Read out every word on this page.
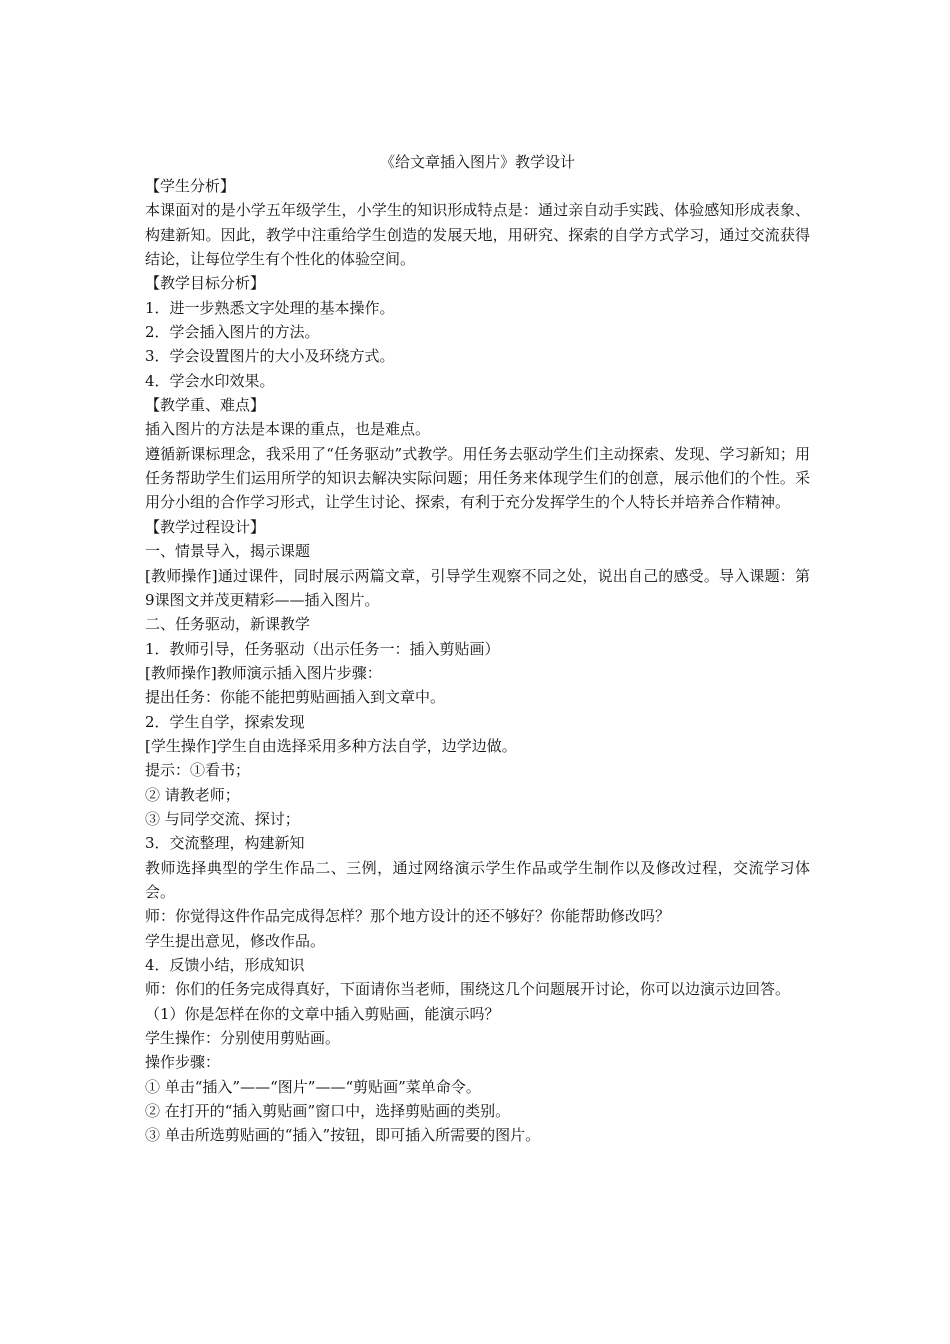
《给文章插入图片》教学设计

【学生分析】

本课面对的是小学五年级学生，小学生的知识形成特点是：通过亲自动手实践、体验感知形成表象、构建新知。因此，教学中注重给学生创造的发展天地，用研究、探索的自学方式学习，通过交流获得结论，让每位学生有个性化的体验空间。

【教学目标分析】

1．进一步熟悉文字处理的基本操作。

2．学会插入图片的方法。

3．学会设置图片的大小及环绕方式。

4．学会水印效果。

【教学重、难点】

插入图片的方法是本课的重点，也是难点。

遵循新课标理念，我采用了“任务驱动”式教学。用任务去驱动学生们主动探索、发现、学习新知；用任务帮助学生们运用所学的知识去解决实际问题；用任务来体现学生们的创意，展示他们的个性。采用分小组的合作学习形式，让学生讨论、探索，有利于充分发挥学生的个人特长并培养合作精神。

【教学过程设计】

一、情景导入，揭示课题

[教师操作]通过课件，同时展示两篇文章，引导学生观察不同之处，说出自己的感受。导入课题：第9课图文并茂更精彩——插入图片。

二、任务驱动，新课教学

1．教师引导，任务驱动（出示任务一：插入剪贴画）

[教师操作]教师演示插入图片步骤：

提出任务：你能不能把剪贴画插入到文章中。

2．学生自学，探索发现

[学生操作]学生自由选择采用多种方法自学，边学边做。

提示：①看书；

② 请教老师；

③ 与同学交流、探讨；

3．交流整理，构建新知

教师选择典型的学生作品二、三例，通过网络演示学生作品或学生制作以及修改过程，交流学习体会。

师：你觉得这件作品完成得怎样？那个地方设计的还不够好？你能帮助修改吗？

学生提出意见，修改作品。

4．反馈小结，形成知识

师：你们的任务完成得真好，下面请你当老师，围绕这几个问题展开讨论，你可以边演示边回答。

（1）你是怎样在你的文章中插入剪贴画，能演示吗？

学生操作：分别使用剪贴画。

操作步骤：

① 单击“插入”——“图片”——“剪贴画”菜单命令。

② 在打开的“插入剪贴画”窗口中，选择剪贴画的类别。

③ 单击所选剪贴画的“插入”按钮，即可插入所需要的图片。
